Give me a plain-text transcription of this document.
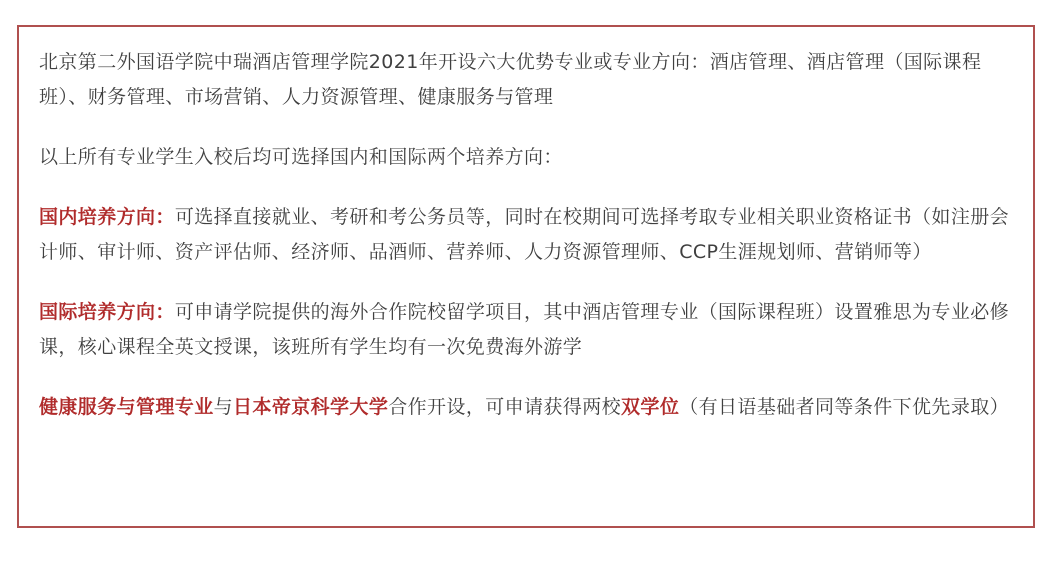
北京第二外国语学院中瑞酒店管理学院2021年开设六大优势专业或专业方向：酒店管理、酒店管理（国际课程班）、财务管理、市场营销、人力资源管理、健康服务与管理

以上所有专业学生入校后均可选择国内和国际两个培养方向：

国内培养方向：可选择直接就业、考研和考公务员等，同时在校期间可选择考取专业相关职业资格证书（如注册会计师、审计师、资产评估师、经济师、品酒师、营养师、人力资源管理师、CCP生涯规划师、营销师等）

国际培养方向：可申请学院提供的海外合作院校留学项目，其中酒店管理专业（国际课程班）设置雅思为专业必修课，核心课程全英文授课，该班所有学生均有一次免费海外游学

健康服务与管理专业与日本帝京科学大学合作开设，可申请获得两校双学位（有日语基础者同等条件下优先录取）
